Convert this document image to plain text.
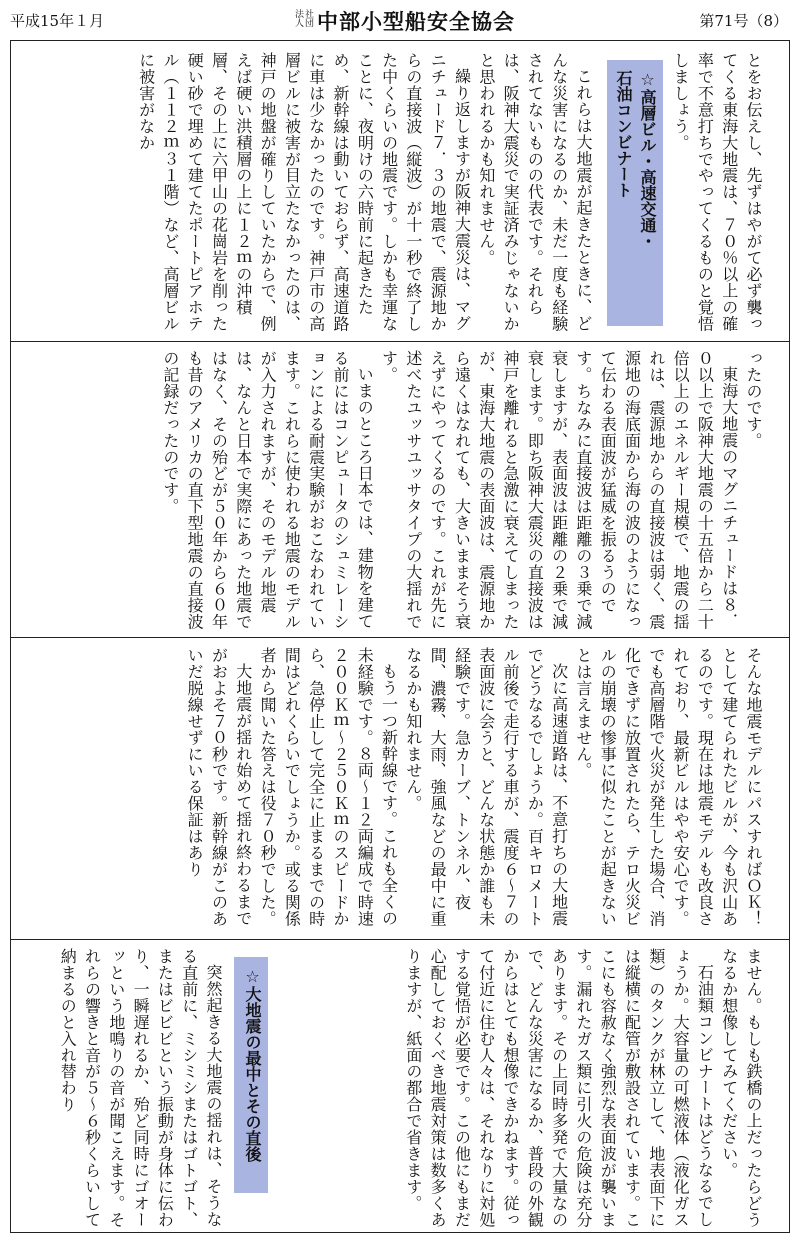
平成15年１月	社団法人 中部小型船安全協会	第71号（8）

とをお伝えし、先ずはやがて必ず襲ってくる東海大地震は、７０％以上の確率で不意打ちでやってくるものと覚悟しましょう。

☆高層ビル・高速交通・
石油コンビナート

これらは大地震が起きたときに、どんな災害になるのか、未だ一度も経験されてないものの代表です。それらは、阪神大震災で実証済みじゃないかと思われるかも知れません。

繰り返しますが阪神大震災は、マグニチュード７．３の地震で、震源地からの直接波（縦波）が十一秒で終了した中くらいの地震です。しかも幸運なことに、夜明けの六時前に起きたため、新幹線は動いておらず、高速道路に車は少なかったのです。神戸市の高層ビルに被害が目立たなかったのは、神戸の地盤が確りしていたからで、例えば硬い洪積層の上に１２ｍの沖積層、その上に六甲山の花崗岩を削った硬い砂で埋めて建てたポートピアホテル（１１２ｍ３１階）など、高層ビルに被害がなか

ったのです。

東海大地震のマグニチュードは８．０以上で阪神大地震の十五倍から二十倍以上のエネルギー規模で、地震の揺れは、震源地からの直接波は弱く、震源地の海底面から海の波のようになって伝わる表面波が猛威を振るうのです。ちなみに直接波は距離の３乗で減衰しますが、表面波は距離の２乗で減衰します。即ち阪神大震災の直接波は神戸を離れると急激に衰えてしまったが、東海大地震の表面波は、震源地から遠くはなれても、大きいままそう衰えずにやってくるのです。これが先に述べたユッサユッサタイプの大揺れです。

いまのところ日本では、建物を建てる前にはコンピュータのシュミレーションによる耐震実験がおこなわれています。これらに使われる地震のモデルが入力されますが、そのモデル地震は、なんと日本で実際にあった地震ではなく、その殆どが５０年から６０年も昔のアメリカの直下型地震の直接波の記録だったのです。

そんな地震モデルにパスすればＯＫ！として建てられたビルが、今も沢山あるのです。現在は地震モデルも改良されており、最新ビルはやや安心です。でも高層階で火災が発生した場合、消化できずに放置されたら、テロ火災ビルの崩壊の惨事に似たことが起きないとは言えません。

次に高速道路は、不意打ちの大地震でどうなるでしょうか。百キロメートル前後で走行する車が、震度６〜７の表面波に会うと、どんな状態か誰も未経験です。急カーブ、トンネル、夜間、濃霧、大雨、強風などの最中に重なるかも知れません。

もう一つ新幹線です。これも全くの未経験です。８両〜１２両編成で時速２００Ｋｍ〜２５０Ｋｍのスピードから、急停止して完全に止まるまでの時間はどれくらいでしょうか。或る関係者から聞いた答えは役７０秒でした。

大地震が揺れ始めて揺れ終わるまでがおよそ７０秒です。新幹線がこのあいだ脱線せずにいる保証はあり

ません。もしも鉄橋の上だったらどうなるか想像してみてください。

石油類コンビナートはどうなるでしょうか。大容量の可燃液体（液化ガス類）のタンクが林立して、地表面下には縦横に配管が敷設されています。ここにも容赦なく強烈な表面波が襲います。漏れたガス類に引火の危険は充分あります。その上同時多発で大量なので、どんな災害になるか、普段の外観からはとても想像できかねます。従って付近に住む人々は、それなりに対処する覚悟が必要です。この他にもまだ心配しておくべき地震対策は数多くありますが、紙面の都合で省きます。

☆大地震の最中とその直後

突然起きる大地震の揺れは、そうなる直前に、ミシミシまたはゴトゴト、またはビビビという振動が身体に伝わり、一瞬遅れるか、殆ど同時にゴオーッという地鳴りの音が聞こえます。それらの響きと音が５〜６秒くらいして納まるのと入れ替わり
